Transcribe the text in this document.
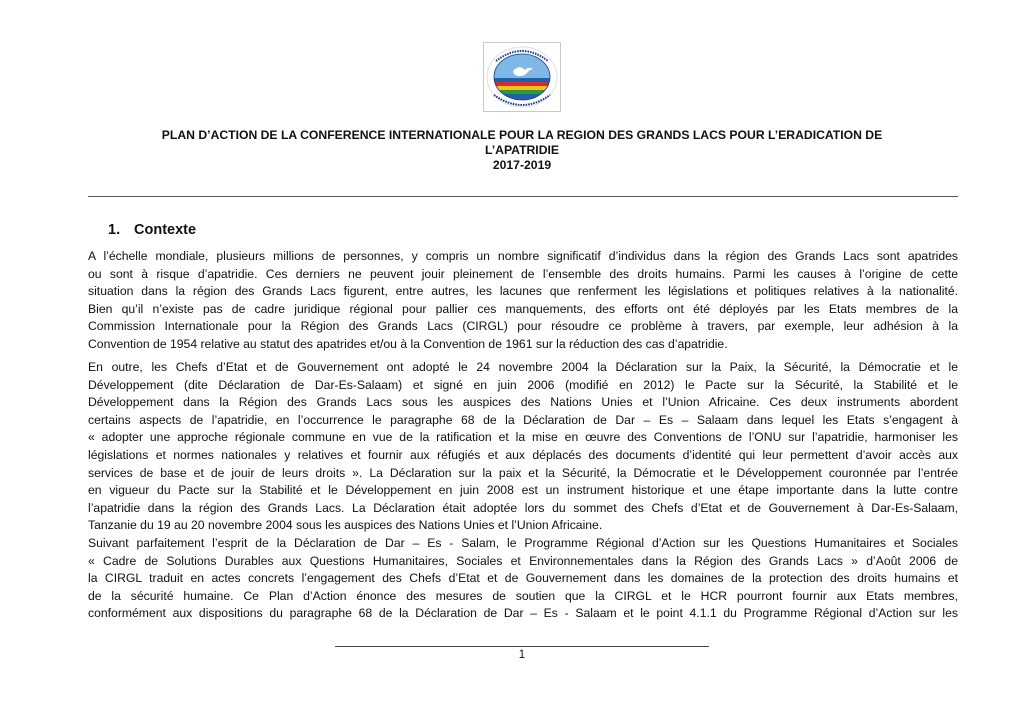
PLAN D’ACTION DE LA CONFERENCE INTERNATIONALE POUR LA REGION DES GRANDS LACS POUR L’ERADICATION DE
L’APATRIDIE
2017-2019
1. Contexte
A l’échelle mondiale, plusieurs millions de personnes, y compris un nombre significatif d’individus dans la région des Grands Lacs sont apatrides
ou sont à risque d’apatridie. Ces derniers ne peuvent jouir pleinement de l’ensemble des droits humains. Parmi les causes à l’origine de cette
situation dans la région des Grands Lacs figurent, entre autres, les lacunes que renferment les législations et politiques relatives à la nationalité.
Bien qu’il n’existe pas de cadre juridique régional pour pallier ces manquements, des efforts ont été déployés par les Etats membres de la
Commission Internationale pour la Région des Grands Lacs (CIRGL) pour résoudre ce problème à travers, par exemple, leur adhésion à la
Convention de 1954 relative au statut des apatrides et/ou à la Convention de 1961 sur la réduction des cas d’apatridie.
En outre, les Chefs d’Etat et de Gouvernement ont adopté le 24 novembre 2004 la Déclaration sur la Paix, la Sécurité, la Démocratie et le
Développement (dite Déclaration de Dar-Es-Salaam) et signé en juin 2006 (modifié en 2012) le Pacte sur la Sécurité, la Stabilité et le
Développement dans la Région des Grands Lacs sous les auspices des Nations Unies et l’Union Africaine. Ces deux instruments abordent
certains aspects de l’apatridie, en l’occurrence le paragraphe 68 de la Déclaration de Dar – Es – Salaam dans lequel les Etats s’engagent à
« adopter une approche régionale commune en vue de la ratification et la mise en œuvre des Conventions de l’ONU sur l’apatridie, harmoniser les
législations et normes nationales y relatives et fournir aux réfugiés et aux déplacés des documents d’identité qui leur permettent d’avoir accès aux
services de base et de jouir de leurs droits ». La Déclaration sur la paix et la Sécurité, la Démocratie et le Développement couronnée par l’entrée
en vigueur du Pacte sur la Stabilité et le Développement en juin 2008 est un instrument historique et une étape importante dans la lutte contre
l’apatridie dans la région des Grands Lacs. La Déclaration était adoptée lors du sommet des Chefs d’Etat et de Gouvernement à Dar-Es-Salaam,
Tanzanie du 19 au 20 novembre 2004 sous les auspices des Nations Unies et l’Union Africaine.
Suivant parfaitement l’esprit de la Déclaration de Dar – Es - Salam, le Programme Régional d’Action sur les Questions Humanitaires et Sociales
« Cadre de Solutions Durables aux Questions Humanitaires, Sociales et Environnementales dans la Région des Grands Lacs » d’Août 2006 de
la CIRGL traduit en actes concrets l’engagement des Chefs d’Etat et de Gouvernement dans les domaines de la protection des droits humains et
de la sécurité humaine. Ce Plan d’Action énonce des mesures de soutien que la CIRGL et le HCR pourront fournir aux Etats membres,
conformément aux dispositions du paragraphe 68 de la Déclaration de Dar – Es - Salaam et le point 4.1.1 du Programme Régional d’Action sur les
1
